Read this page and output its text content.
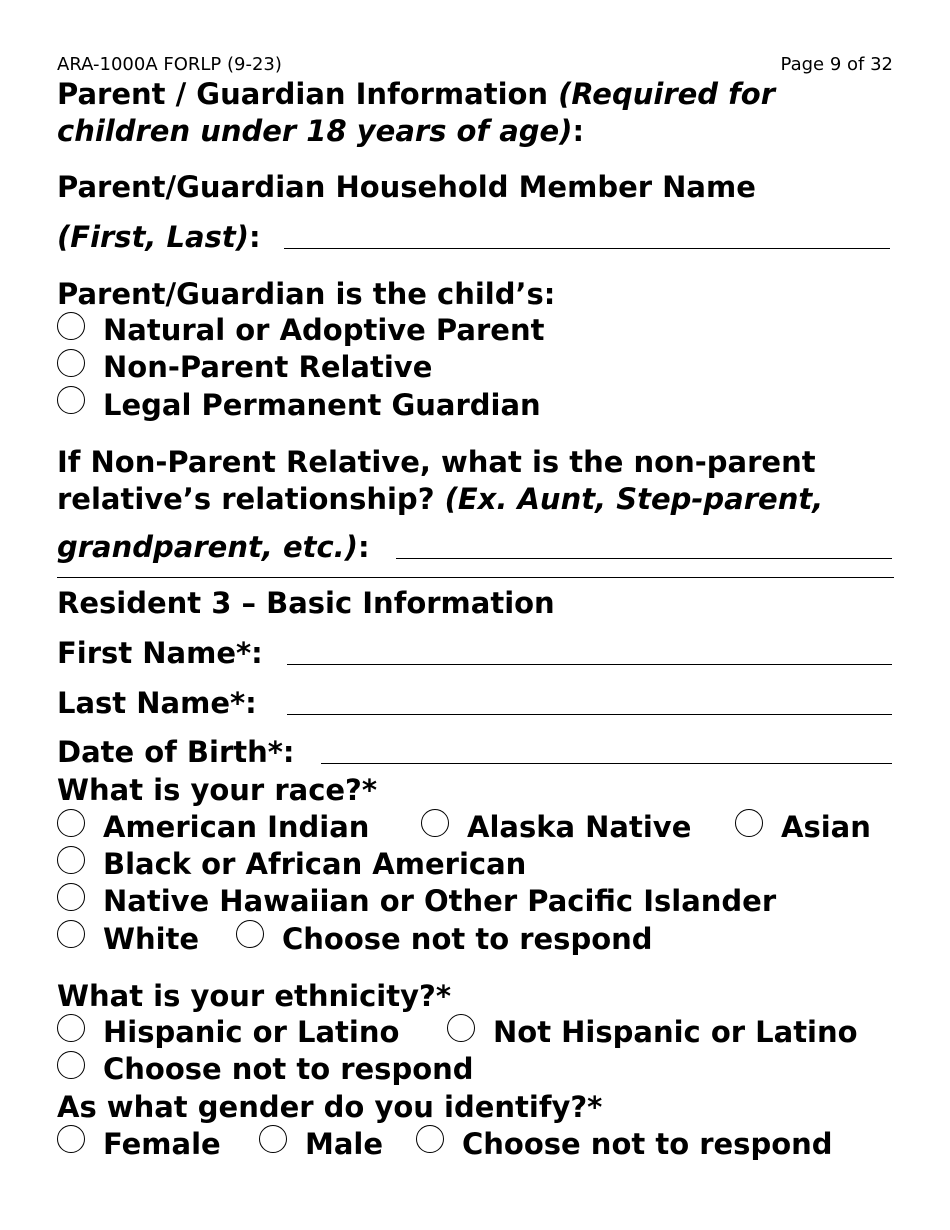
ARA-1000A FORLP (9-23)	Page 9 of 32
Parent / Guardian Information (Required for
children under 18 years of age):
Parent/Guardian Household Member Name
(First, Last):
Parent/Guardian is the child’s:
Natural or Adoptive Parent
Non-Parent Relative
Legal Permanent Guardian
If Non-Parent Relative, what is the non-parent
relative’s relationship? (Ex. Aunt, Step-parent,
grandparent, etc.):
Resident 3 – Basic Information
First Name*:
Last Name*:
Date of Birth*:
What is your race?*
American Indian	Alaska Native	Asian
Black or African American
Native Hawaiian or Other Pacific Islander
White	Choose not to respond
What is your ethnicity?*
Hispanic or Latino	Not Hispanic or Latino
Choose not to respond
As what gender do you identify?*
Female	Male	Choose not to respond
